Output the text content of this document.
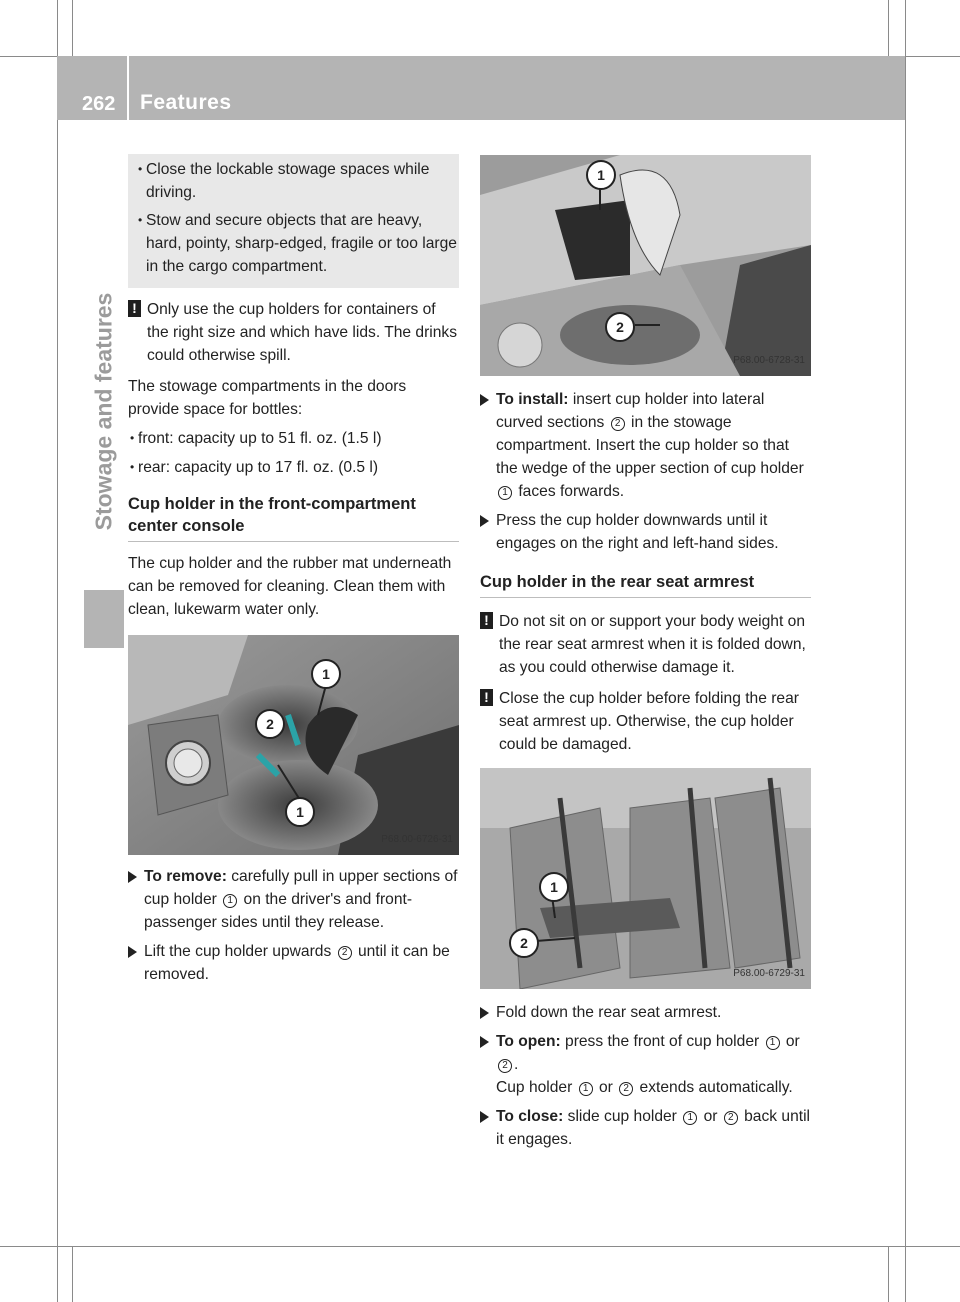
262 Features
Stowage and features
• Close the lockable stowage spaces while driving.
• Stow and secure objects that are heavy, hard, pointy, sharp-edged, fragile or too large in the cargo compartment.
! Only use the cup holders for containers of the right size and which have lids. The drinks could otherwise spill.
The stowage compartments in the doors provide space for bottles:
• front: capacity up to 51 fl. oz. (1.5 l)
• rear: capacity up to 17 fl. oz. (0.5 l)
Cup holder in the front-compartment center console
The cup holder and the rubber mat underneath can be removed for cleaning. Clean them with clean, lukewarm water only.
1
2
1
P68.00-6726-31
To remove: carefully pull in upper sections of cup holder 1 on the driver's and front-passenger sides until they release.
Lift the cup holder upwards 2 until it can be removed.
1
2
P68.00-6728-31
To install: insert cup holder into lateral curved sections 2 in the stowage compartment. Insert the cup holder so that the wedge of the upper section of cup holder 1 faces forwards.
Press the cup holder downwards until it engages on the right and left-hand sides.
Cup holder in the rear seat armrest
! Do not sit on or support your body weight on the rear seat armrest when it is folded down, as you could otherwise damage it.
! Close the cup holder before folding the rear seat armrest up. Otherwise, the cup holder could be damaged.
1
2
P68.00-6729-31
Fold down the rear seat armrest.
To open: press the front of cup holder 1 or 2 .
Cup holder 1 or 2 extends automatically.
To close: slide cup holder 1 or 2 back until it engages.
